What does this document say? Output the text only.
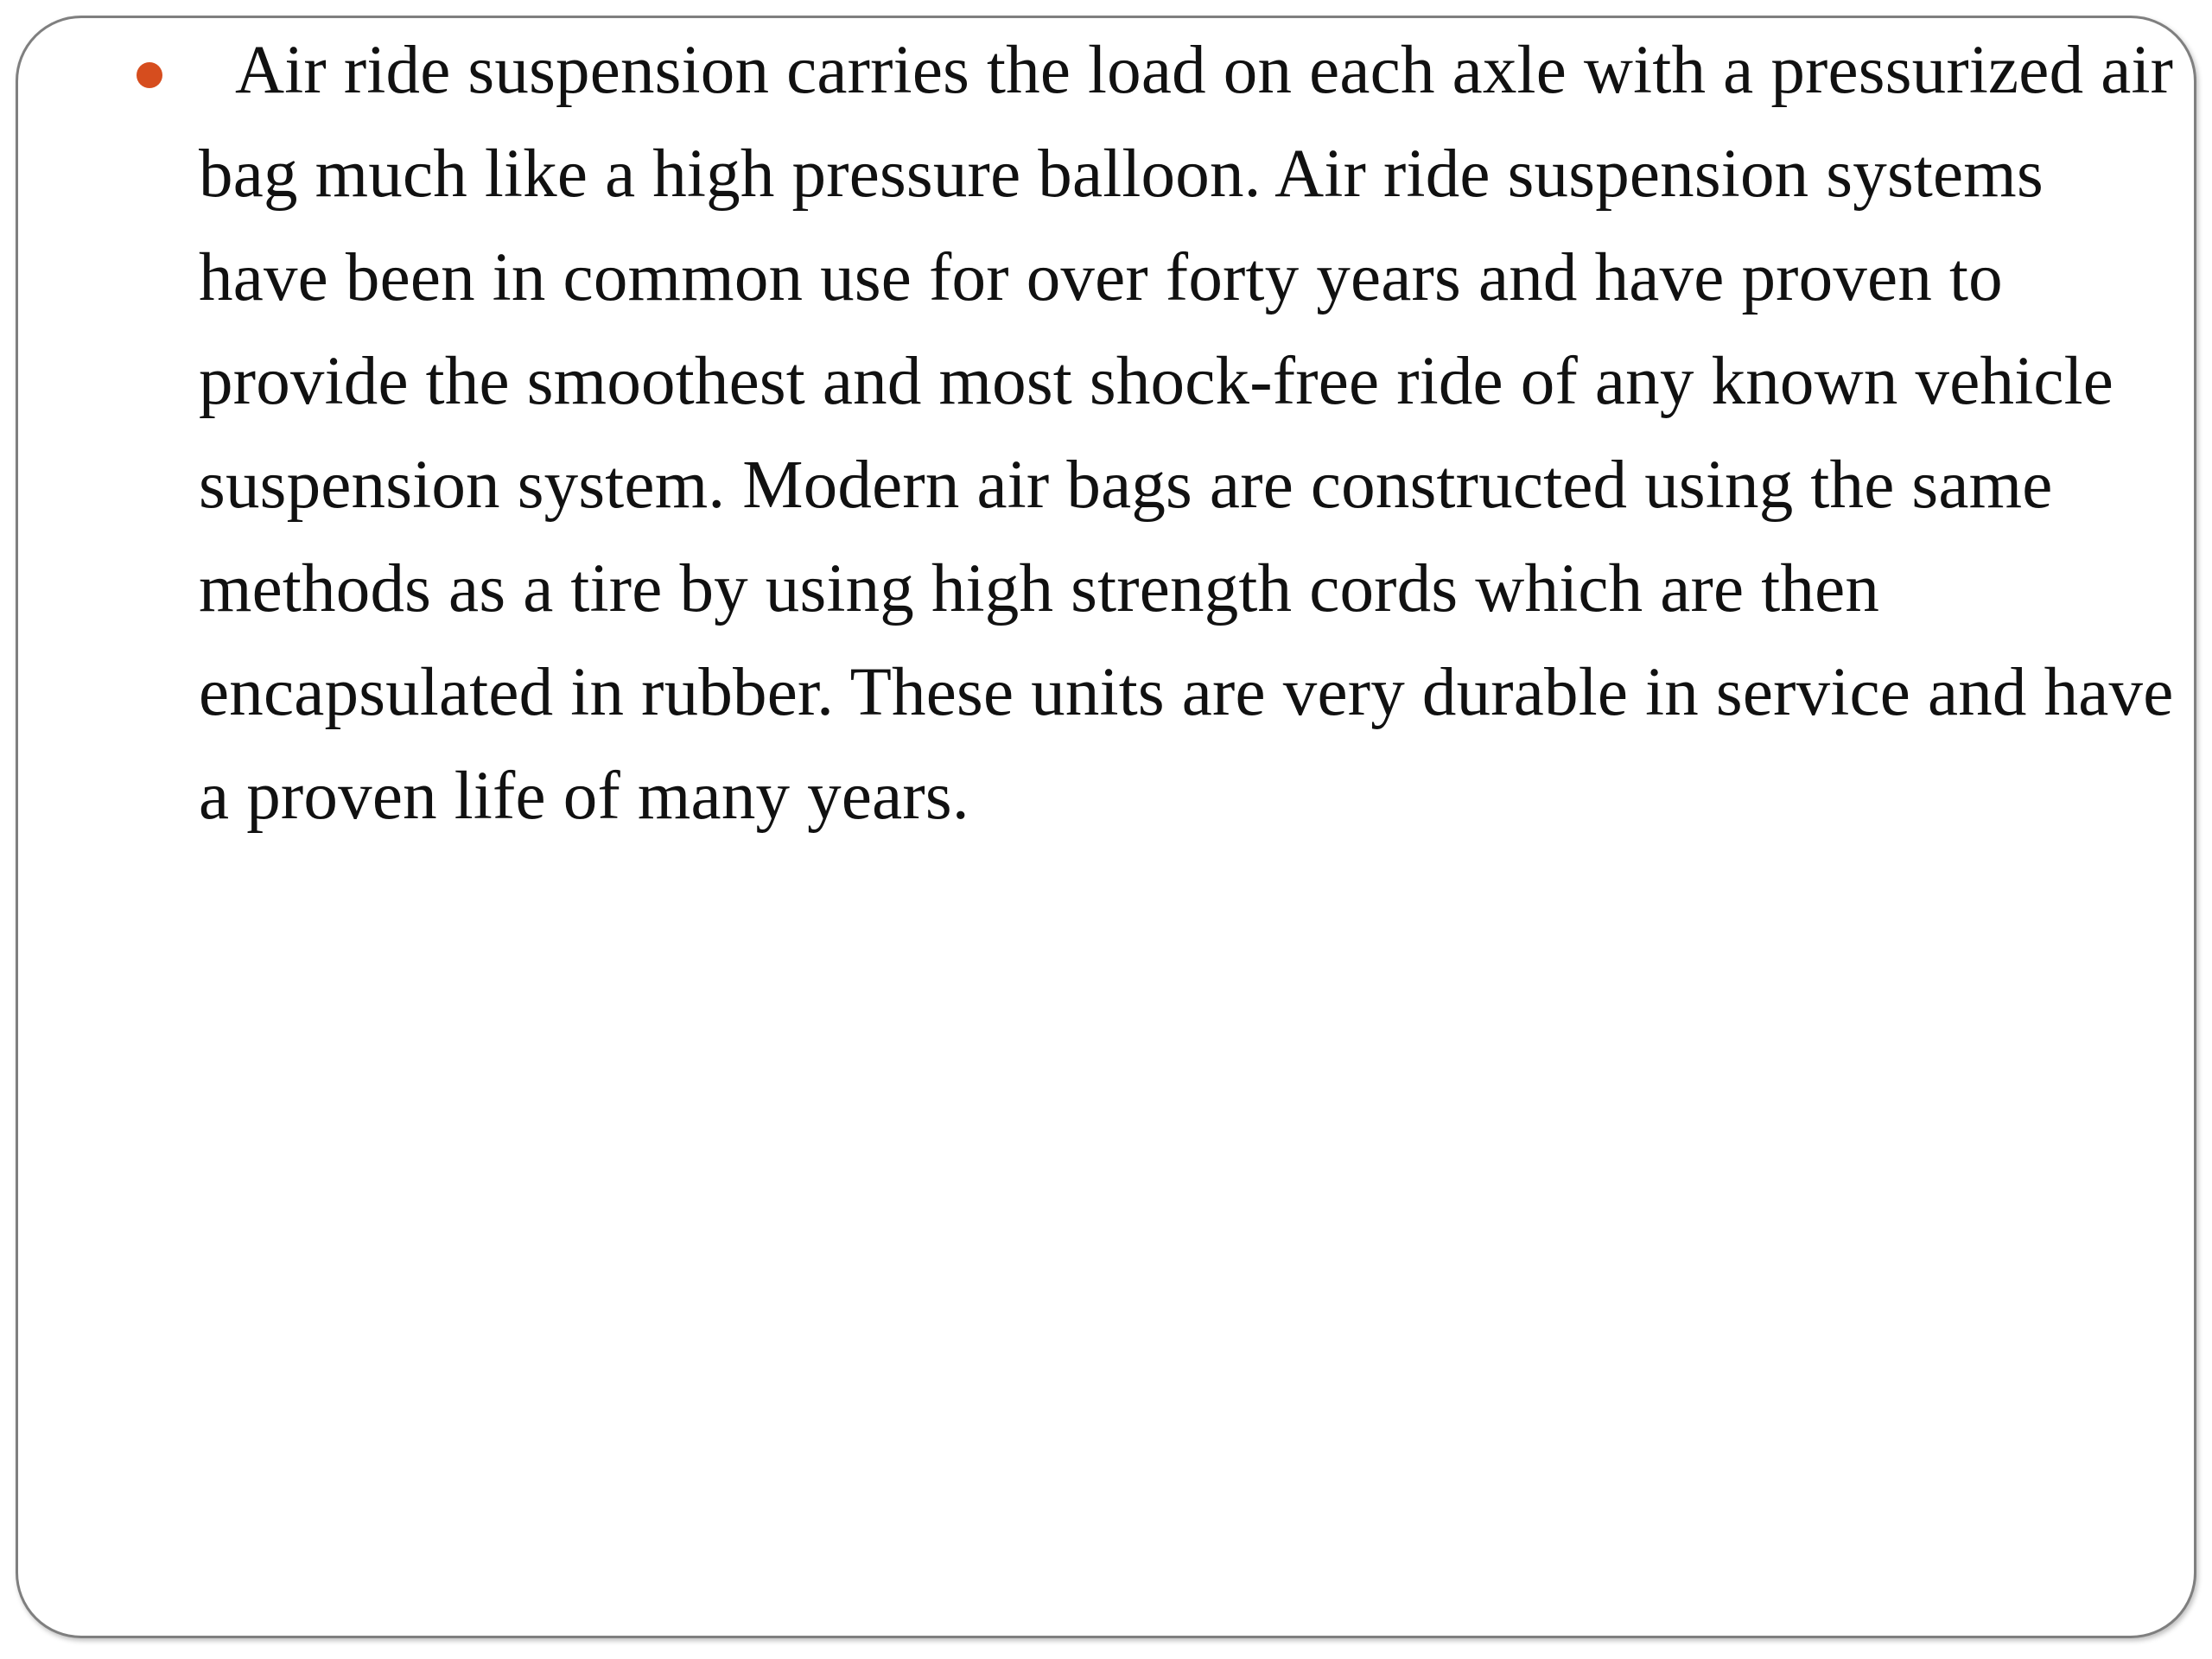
Air ride suspension carries the load on each axle with a pressurized air bag much like a high pressure balloon. Air ride suspension systems have been in common use for over forty years and have proven to provide the smoothest and most shock-free ride of any known vehicle suspension system. Modern air bags are constructed using the same methods as a tire by using high strength cords which are then encapsulated in rubber. These units are very durable in service and have a proven life of many years.
